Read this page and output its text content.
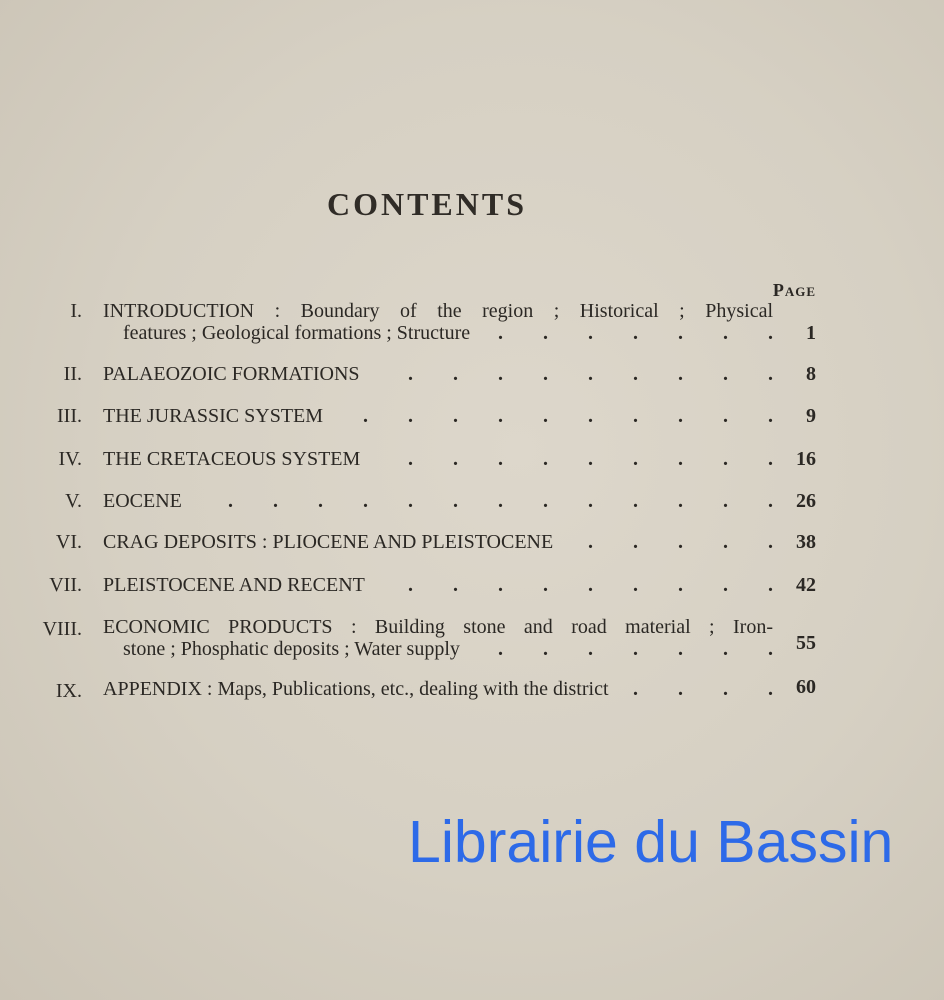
CONTENTS
Page
I. INTRODUCTION : Boundary of the region ; Historical ; Physical
features ; Geological formations ; Structure .	1
II. PALAEOZOIC FORMATIONS .	8
III. THE JURASSIC SYSTEM .	9
IV. THE CRETACEOUS SYSTEM .	16
V. EOCENE .	26
VI. CRAG DEPOSITS : PLIOCENE AND PLEISTOCENE .	38
VII. PLEISTOCENE AND RECENT .	42
VIII. ECONOMIC PRODUCTS : Building stone and road material ; Iron-
stone ; Phosphatic deposits ; Water supply .	55
IX. APPENDIX : Maps, Publications, etc., dealing with the district .	60
Librairie du Bassin
